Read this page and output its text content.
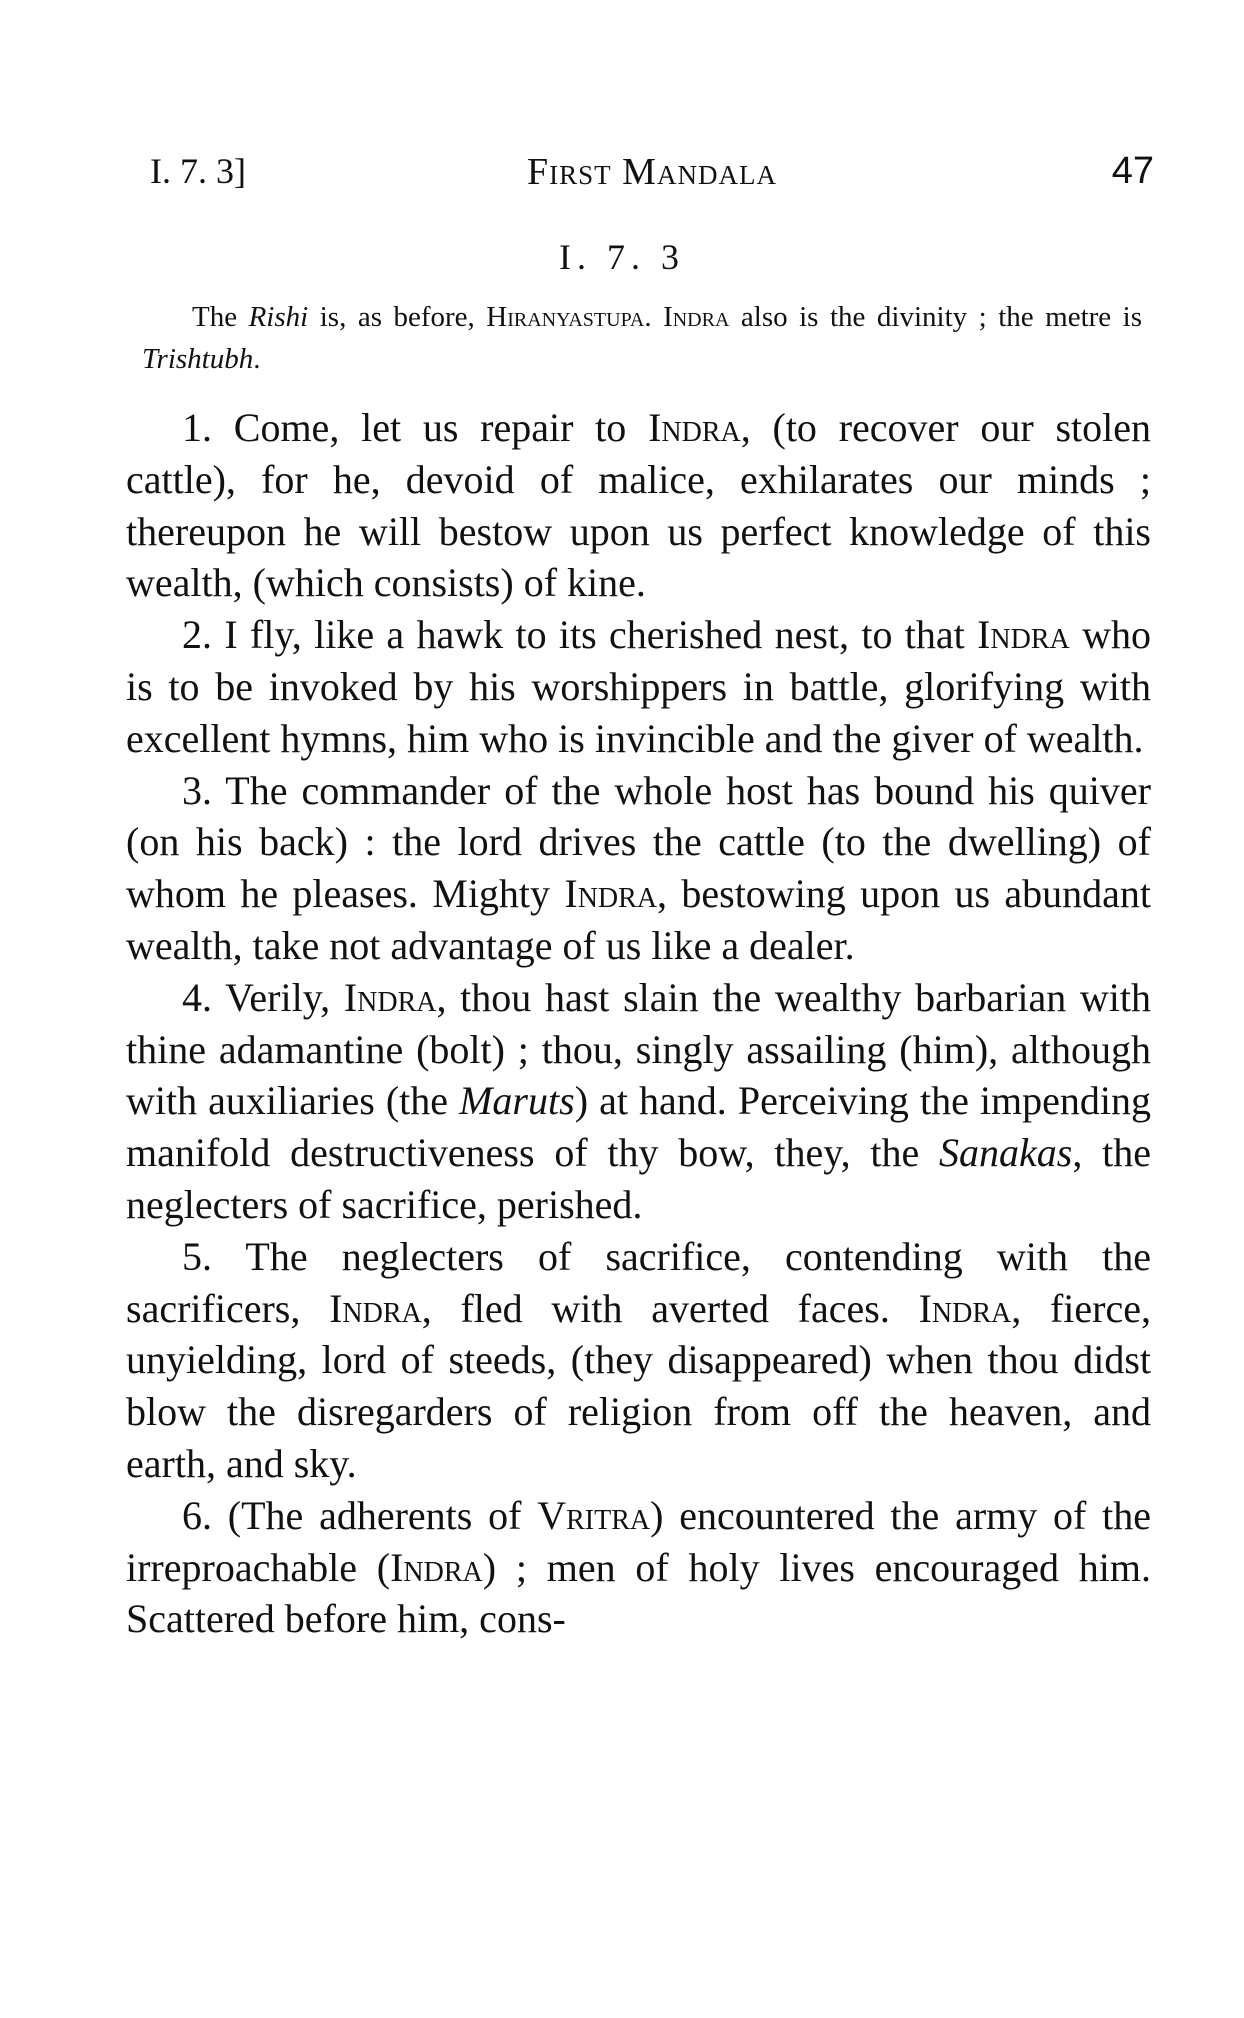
I. 7. 3]	First Mandala	47
I. 7. 3

The Rishi is, as before, Hiranyastupa. Indra also is the divinity ; the metre is Trishtubh.

1. Come, let us repair to Indra, (to recover our stolen cattle), for he, devoid of malice, exhilarates our minds ; thereupon he will bestow upon us perfect knowledge of this wealth, (which consists) of kine.

2. I fly, like a hawk to its cherished nest, to that Indra who is to be invoked by his worshippers in battle, glorifying with excellent hymns, him who is invincible and the giver of wealth.

3. The commander of the whole host has bound his quiver (on his back) : the lord drives the cattle (to the dwelling) of whom he pleases. Mighty Indra, bestowing upon us abundant wealth, take not advantage of us like a dealer.

4. Verily, Indra, thou hast slain the wealthy barbarian with thine adamantine (bolt) ; thou, singly assailing (him), although with auxiliaries (the Maruts) at hand. Perceiving the impending manifold destructiveness of thy bow, they, the Sanakas, the neglecters of sacrifice, perished.

5. The neglecters of sacrifice, contending with the sacrificers, Indra, fled with averted faces. Indra, fierce, unyielding, lord of steeds, (they disappeared) when thou didst blow the disregarders of religion from off the heaven, and earth, and sky.

6. (The adherents of Vritra) encountered the army of the irreproachable (Indra) ; men of holy lives encouraged him. Scattered before him, cons-
